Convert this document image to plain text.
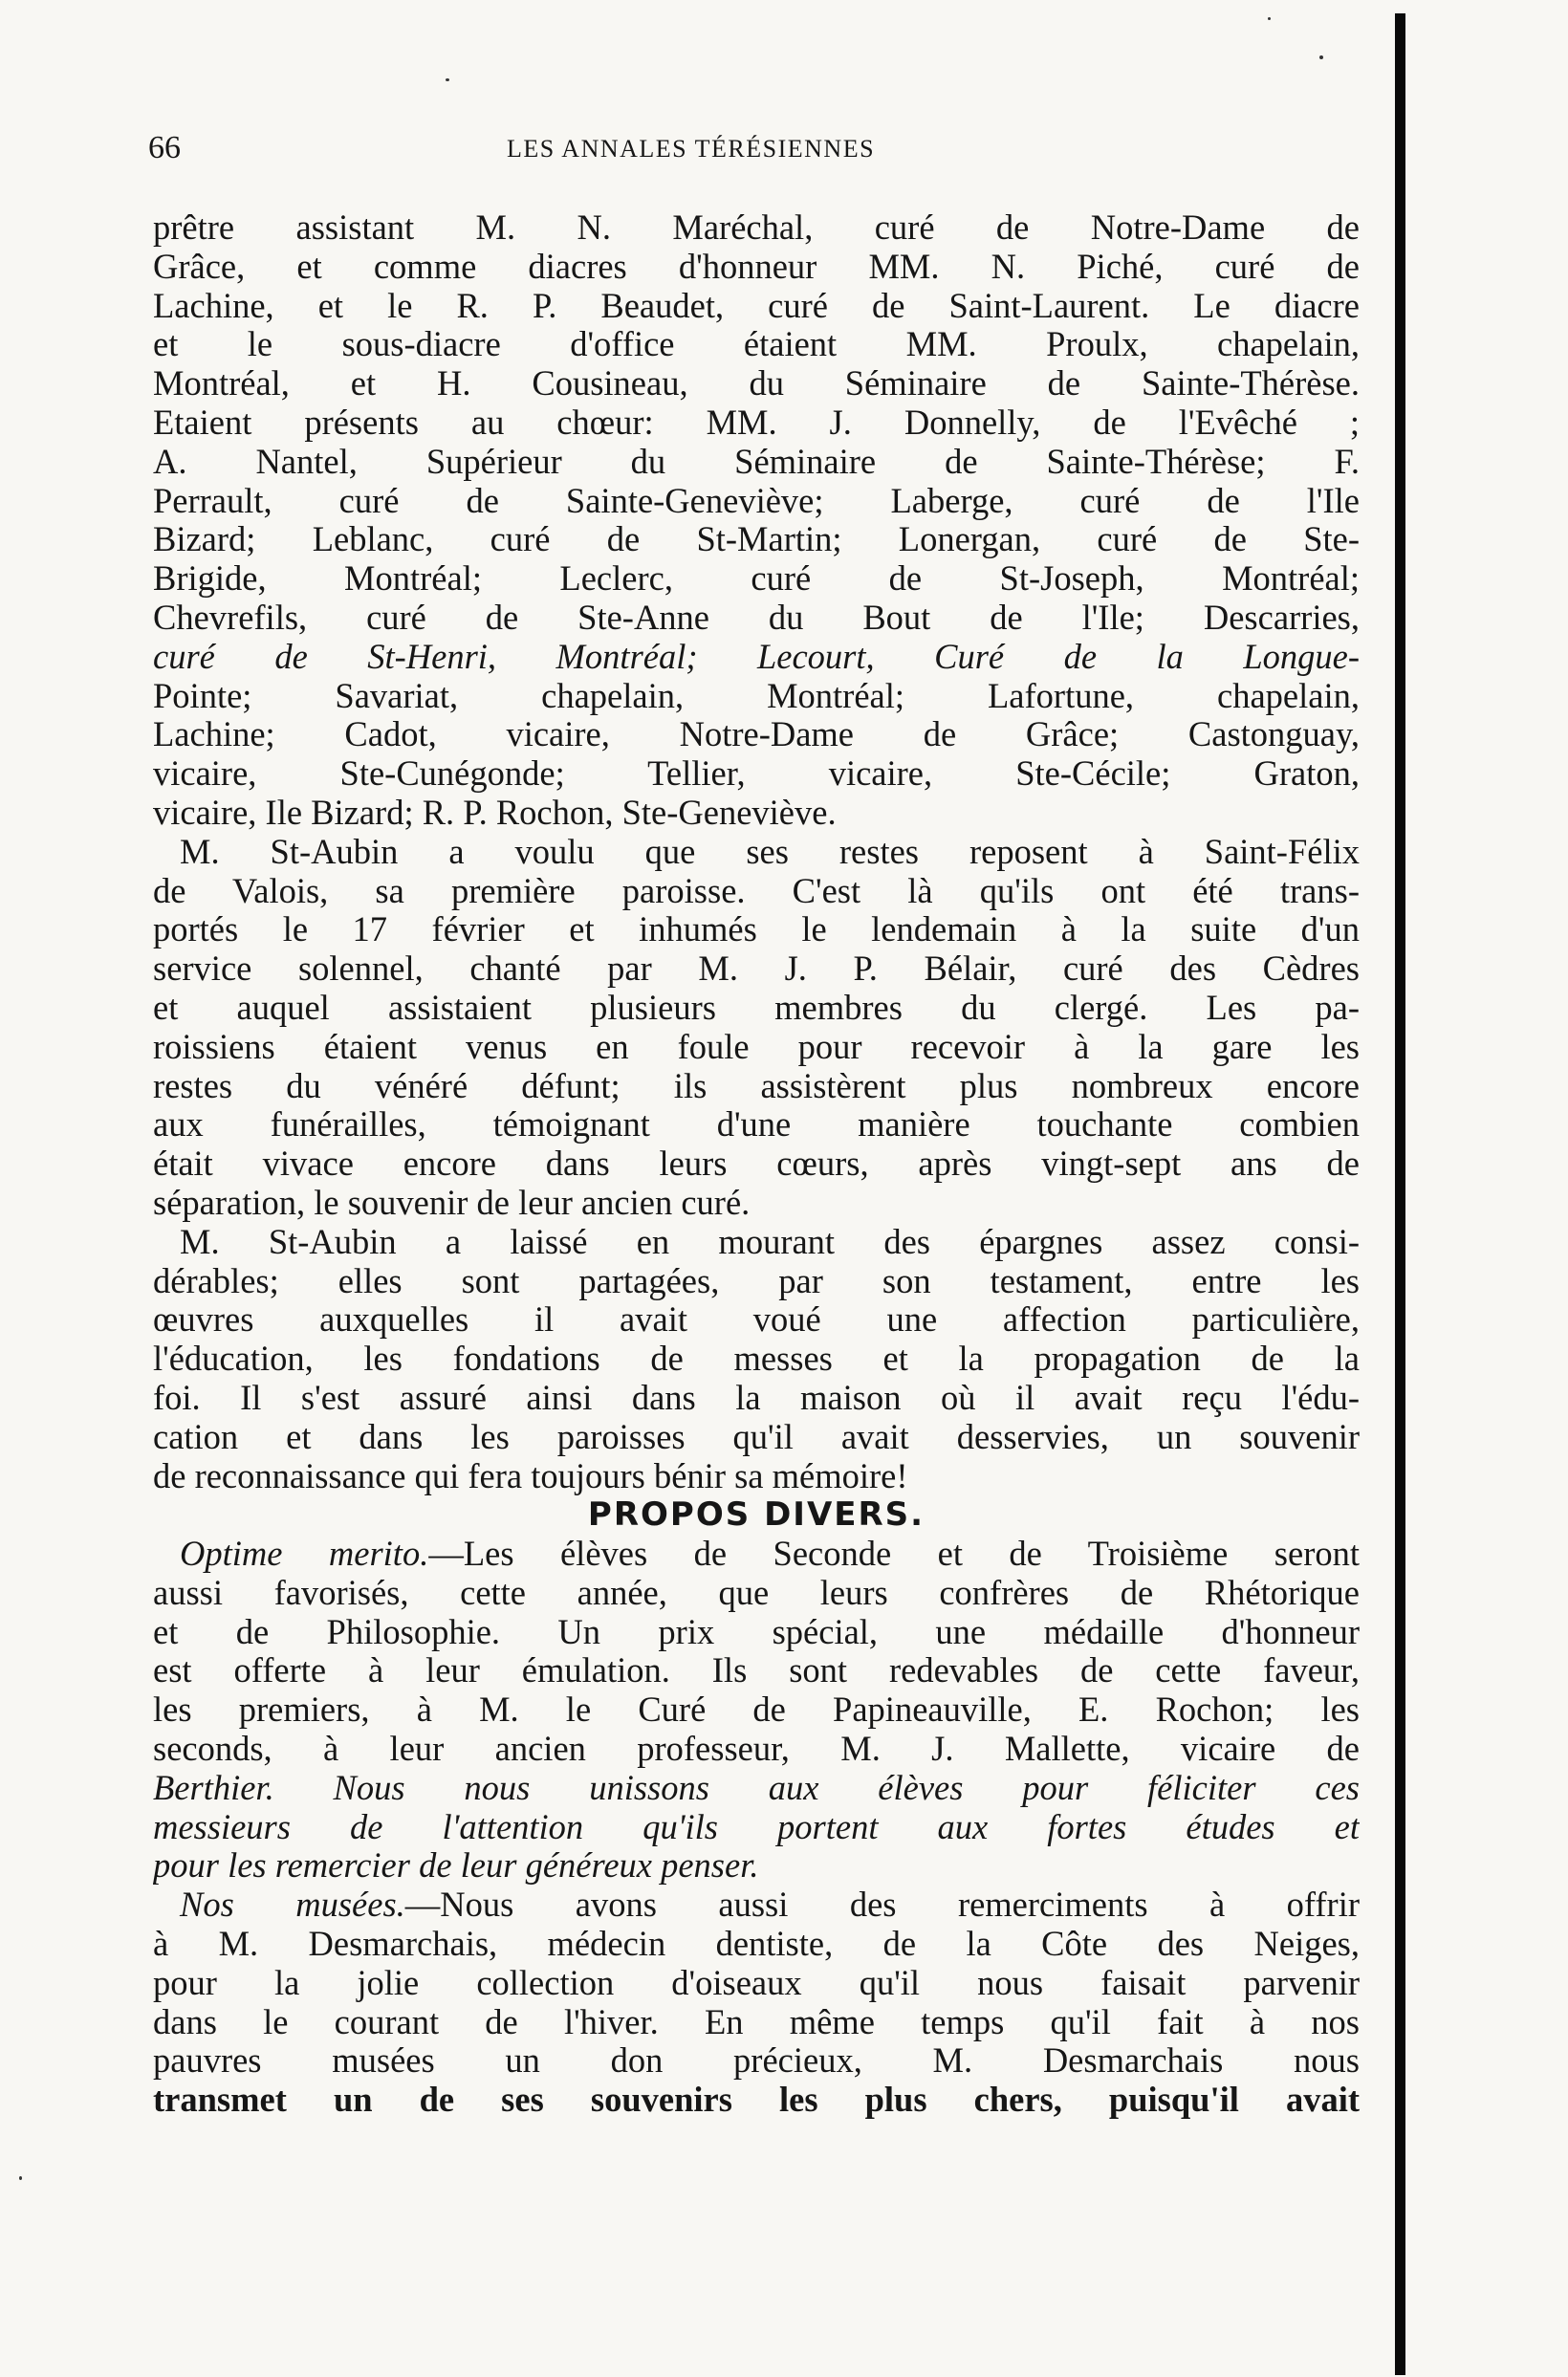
66	LES ANNALES TÉRÉSIENNES
prêtre assistant M. N. Maréchal, curé de Notre-Dame de
Grâce, et comme diacres d'honneur MM. N. Piché, curé de
Lachine, et le R. P. Beaudet, curé de Saint-Laurent. Le diacre
et le sous-diacre d'office étaient MM. Proulx, chapelain,
Montréal, et H. Cousineau, du Séminaire de Sainte-Thérèse.
Etaient présents au chœur: MM. J. Donnelly, de l'Evêché ;
A. Nantel, Supérieur du Séminaire de Sainte-Thérèse; F.
Perrault, curé de Sainte-Geneviève; Laberge, curé de l'Ile
Bizard; Leblanc, curé de St-Martin; Lonergan, curé de Ste-
Brigide, Montréal; Leclerc, curé de St-Joseph, Montréal;
Chevrefils, curé de Ste-Anne du Bout de l'Ile; Descarries,
curé de St-Henri, Montréal; Lecourt, Curé de la Longue-
Pointe; Savariat, chapelain, Montréal; Lafortune, chapelain,
Lachine; Cadot, vicaire, Notre-Dame de Grâce; Castonguay,
vicaire, Ste-Cunégonde; Tellier, vicaire, Ste-Cécile; Graton,
vicaire, Ile Bizard; R. P. Rochon, Ste-Geneviève.
M. St-Aubin a voulu que ses restes reposent à Saint-Félix
de Valois, sa première paroisse. C'est là qu'ils ont été trans-
portés le 17 février et inhumés le lendemain à la suite d'un
service solennel, chanté par M. J. P. Bélair, curé des Cèdres
et auquel assistaient plusieurs membres du clergé. Les pa-
roissiens étaient venus en foule pour recevoir à la gare les
restes du vénéré défunt; ils assistèrent plus nombreux encore
aux funérailles, témoignant d'une manière touchante combien
était vivace encore dans leurs cœurs, après vingt-sept ans de
séparation, le souvenir de leur ancien curé.
M. St-Aubin a laissé en mourant des épargnes assez consi-
dérables; elles sont partagées, par son testament, entre les
œuvres auxquelles il avait voué une affection particulière,
l'éducation, les fondations de messes et la propagation de la
foi. Il s'est assuré ainsi dans la maison où il avait reçu l'édu-
cation et dans les paroisses qu'il avait desservies, un souvenir
de reconnaissance qui fera toujours bénir sa mémoire!
PROPOS DIVERS.
Optime merito.—Les élèves de Seconde et de Troisième seront
aussi favorisés, cette année, que leurs confrères de Rhétorique
et de Philosophie. Un prix spécial, une médaille d'honneur
est offerte à leur émulation. Ils sont redevables de cette faveur,
les premiers, à M. le Curé de Papineauville, E. Rochon; les
seconds, à leur ancien professeur, M. J. Mallette, vicaire de
Berthier. Nous nous unissons aux élèves pour féliciter ces
messieurs de l'attention qu'ils portent aux fortes études et
pour les remercier de leur généreux penser.
Nos musées.—Nous avons aussi des remerciments à offrir
à M. Desmarchais, médecin dentiste, de la Côte des Neiges,
pour la jolie collection d'oiseaux qu'il nous faisait parvenir
dans le courant de l'hiver. En même temps qu'il fait à nos
pauvres musées un don précieux, M. Desmarchais nous
transmet un de ses souvenirs les plus chers, puisqu'il avait
